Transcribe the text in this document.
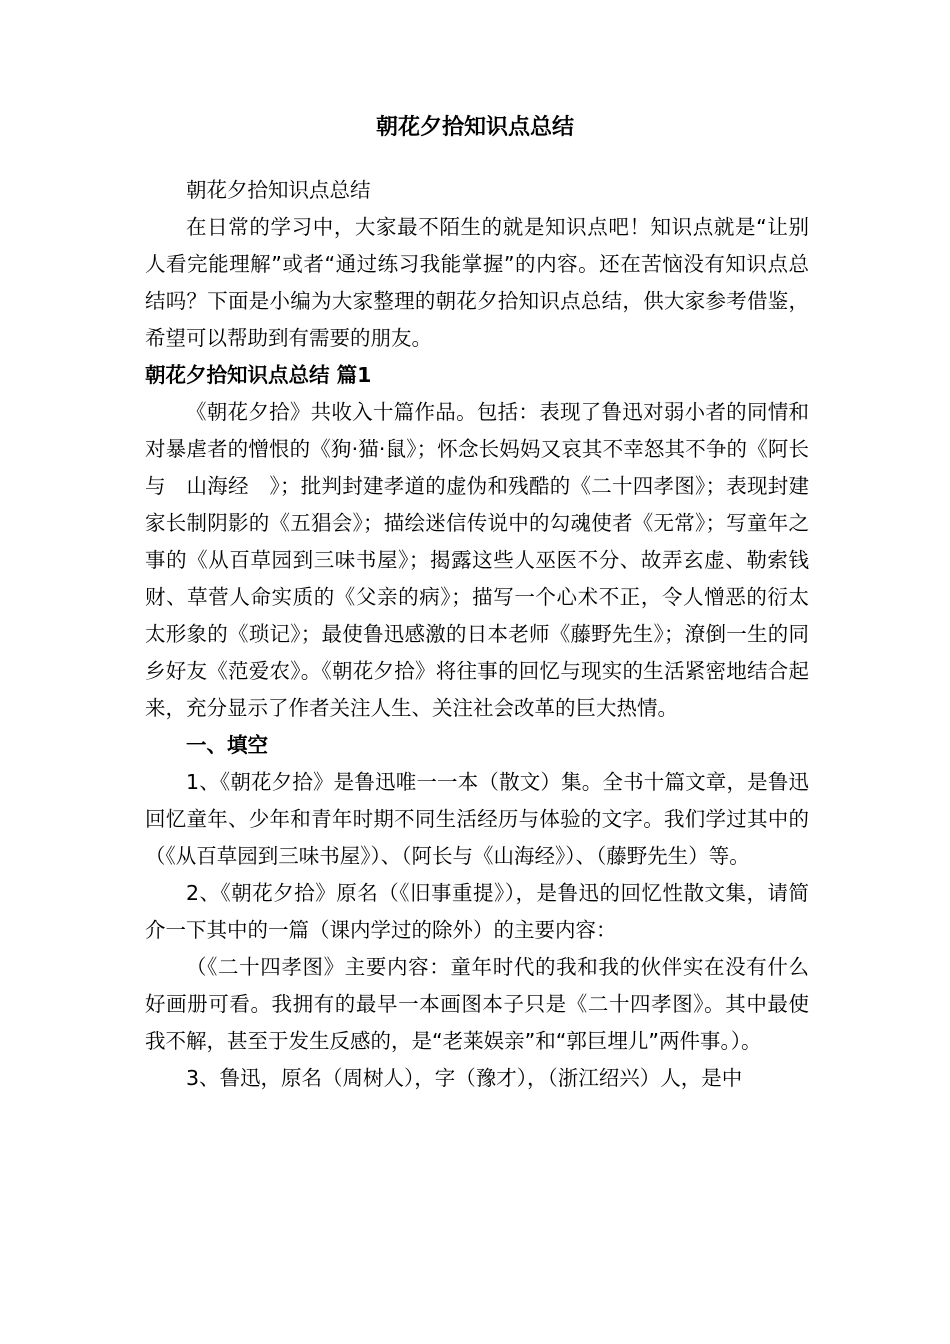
朝花夕拾知识点总结

朝花夕拾知识点总结

在日常的学习中，大家最不陌生的就是知识点吧！知识点就是“让别人看完能理解”或者“通过练习我能掌握”的内容。还在苦恼没有知识点总结吗？下面是小编为大家整理的朝花夕拾知识点总结，供大家参考借鉴，希望可以帮助到有需要的朋友。

朝花夕拾知识点总结 篇1

《朝花夕拾》共收入十篇作品。包括：表现了鲁迅对弱小者的同情和对暴虐者的憎恨的《狗·猫·鼠》；怀念长妈妈又哀其不幸怒其不争的《阿长与　山海经　》；批判封建孝道的虚伪和残酷的《二十四孝图》；表现封建家长制阴影的《五猖会》；描绘迷信传说中的勾魂使者《无常》；写童年之事的《从百草园到三味书屋》；揭露这些人巫医不分、故弄玄虚、勒索钱财、草菅人命实质的《父亲的病》；描写一个心术不正，令人憎恶的衍太太形象的《琐记》；最使鲁迅感激的日本老师《藤野先生》；潦倒一生的同乡好友《范爱农》。《朝花夕拾》将往事的回忆与现实的生活紧密地结合起来，充分显示了作者关注人生、关注社会改革的巨大热情。

一、填空

1、《朝花夕拾》是鲁迅唯一一本（散文）集。全书十篇文章，是鲁迅回忆童年、少年和青年时期不同生活经历与体验的文字。我们学过其中的（《从百草园到三味书屋》）、（阿长与《山海经》）、（藤野先生）等。

2、《朝花夕拾》原名（《旧事重提》），是鲁迅的回忆性散文集，请简介一下其中的一篇（课内学过的除外）的主要内容：

（《二十四孝图》主要内容：童年时代的我和我的伙伴实在没有什么好画册可看。我拥有的最早一本画图本子只是《二十四孝图》。其中最使我不解，甚至于发生反感的，是“老莱娱亲”和“郭巨埋儿”两件事。）。

3、鲁迅，原名（周树人），字（豫才），（浙江绍兴）人，是中
